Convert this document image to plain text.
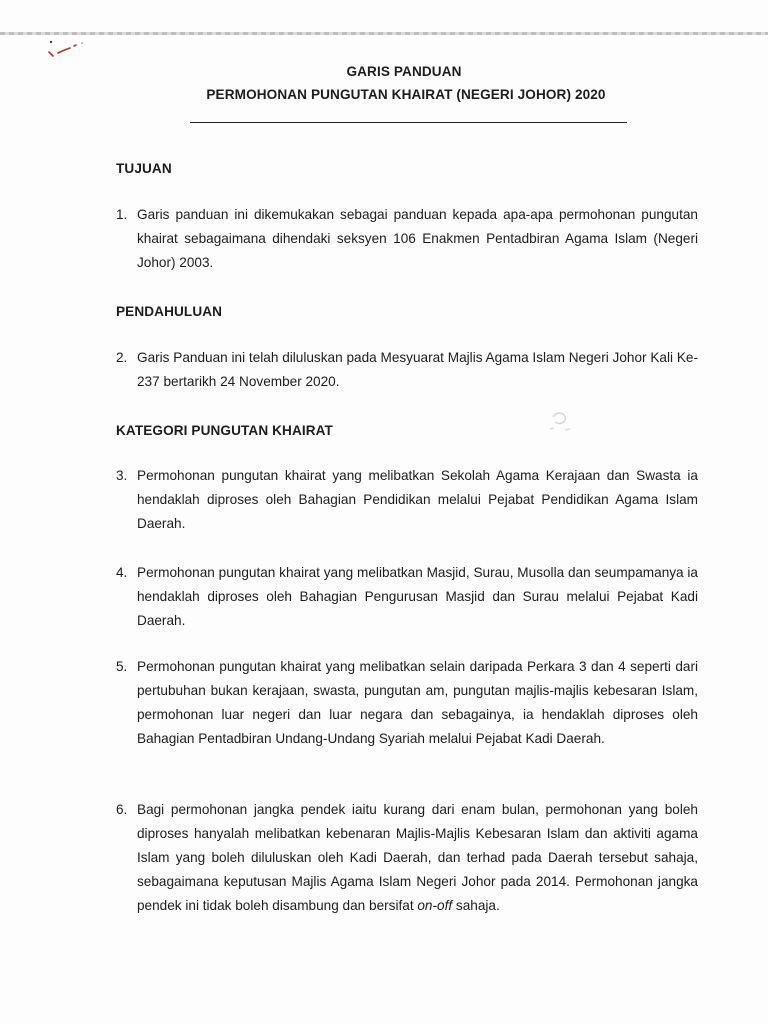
GARIS PANDUAN
PERMOHONAN PUNGUTAN KHAIRAT (NEGERI JOHOR) 2020
TUJUAN
1. Garis panduan ini dikemukakan sebagai panduan kepada apa-apa permohonan pungutan khairat sebagaimana dihendaki seksyen 106 Enakmen Pentadbiran Agama Islam (Negeri Johor) 2003.
PENDAHULUAN
2. Garis Panduan ini telah diluluskan pada Mesyuarat Majlis Agama Islam Negeri Johor Kali Ke-237 bertarikh 24 November 2020.
KATEGORI PUNGUTAN KHAIRAT
3. Permohonan pungutan khairat yang melibatkan Sekolah Agama Kerajaan dan Swasta ia hendaklah diproses oleh Bahagian Pendidikan melalui Pejabat Pendidikan Agama Islam Daerah.
4. Permohonan pungutan khairat yang melibatkan Masjid, Surau, Musolla dan seumpamanya ia hendaklah diproses oleh Bahagian Pengurusan Masjid dan Surau melalui Pejabat Kadi Daerah.
5. Permohonan pungutan khairat yang melibatkan selain daripada Perkara 3 dan 4 seperti dari pertubuhan bukan kerajaan, swasta, pungutan am, pungutan majlis-majlis kebesaran Islam, permohonan luar negeri dan luar negara dan sebagainya, ia hendaklah diproses oleh Bahagian Pentadbiran Undang-Undang Syariah melalui Pejabat Kadi Daerah.
6. Bagi permohonan jangka pendek iaitu kurang dari enam bulan, permohonan yang boleh diproses hanyalah melibatkan kebenaran Majlis-Majlis Kebesaran Islam dan aktiviti agama Islam yang boleh diluluskan oleh Kadi Daerah, dan terhad pada Daerah tersebut sahaja, sebagaimana keputusan Majlis Agama Islam Negeri Johor pada 2014. Permohonan jangka pendek ini tidak boleh disambung dan bersifat on-off sahaja.
